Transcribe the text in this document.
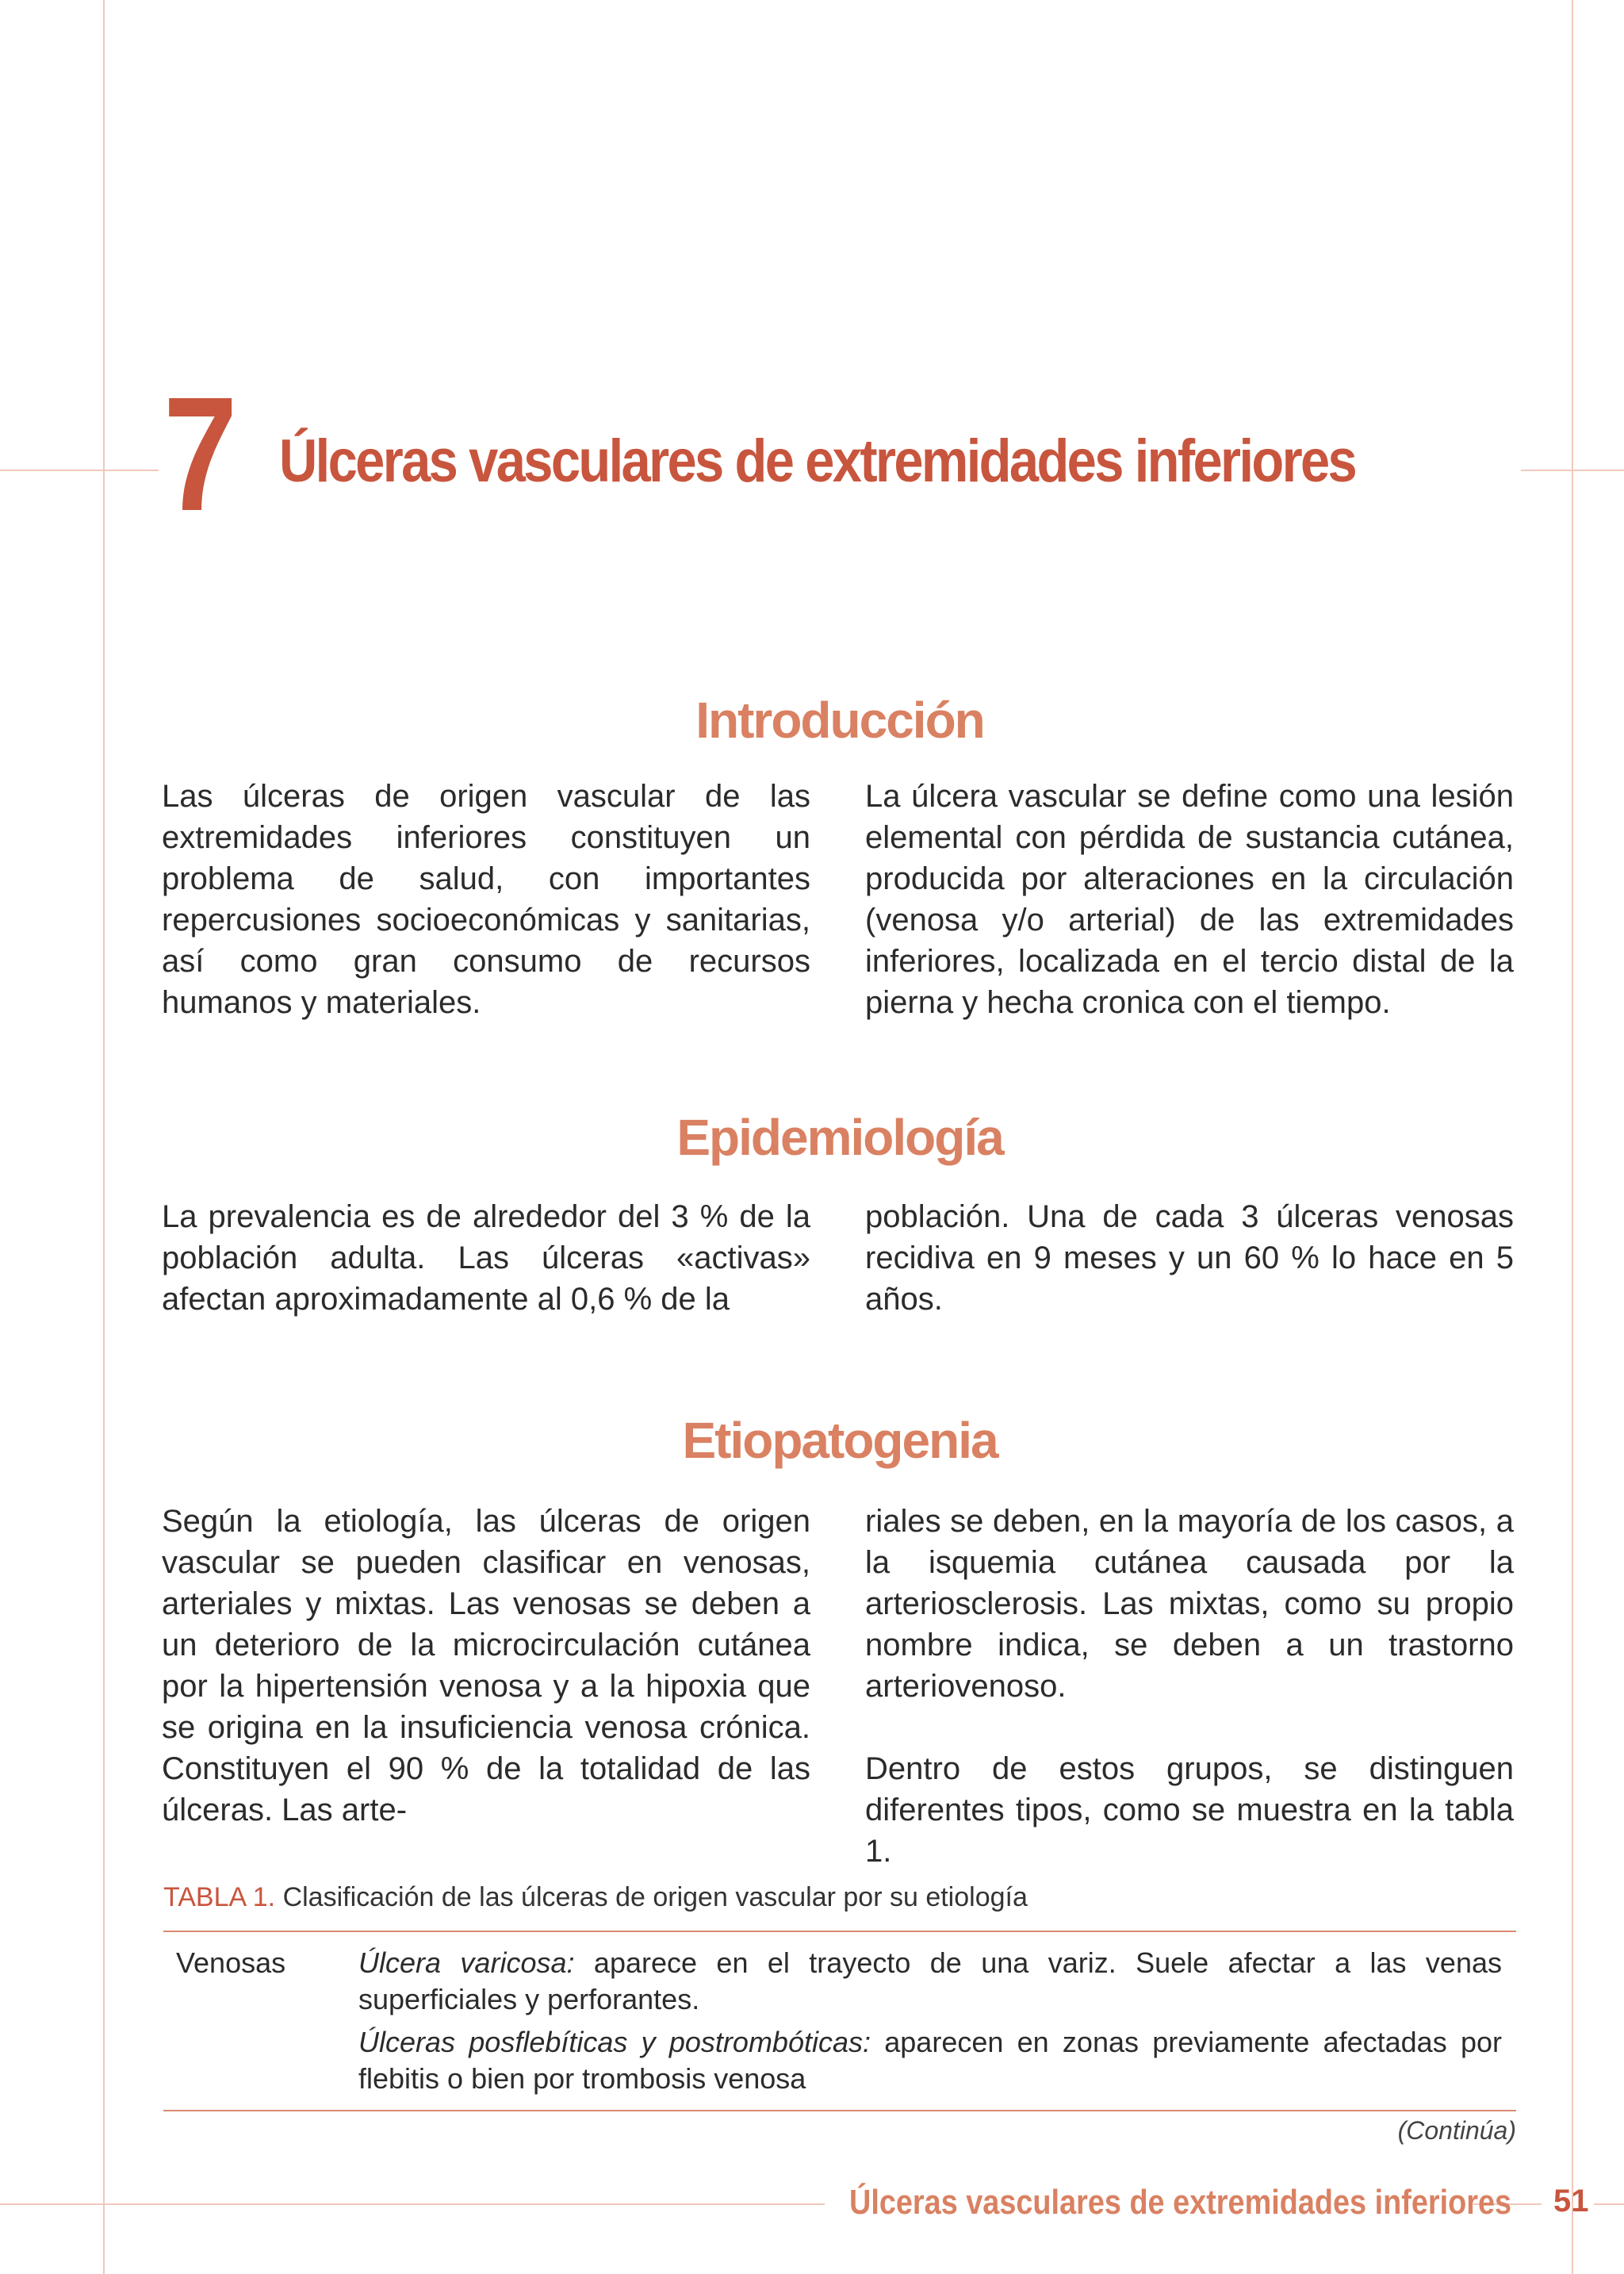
7 Úlceras vasculares de extremidades inferiores
Introducción

Las úlceras de origen vascular de las extremidades inferiores constituyen un problema de salud, con importantes repercusiones socioeconómicas y sanitarias, así como gran consumo de recursos humanos y materiales.

La úlcera vascular se define como una lesión elemental con pérdida de sustancia cutánea, producida por alteraciones en la circulación (venosa y/o arterial) de las extremidades inferiores, localizada en el tercio distal de la pierna y hecha cronica con el tiempo.

Epidemiología

La prevalencia es de alrededor del 3 % de la población adulta. Las úlceras «activas» afectan aproximadamente al 0,6 % de la

población. Una de cada 3 úlceras venosas recidiva en 9 meses y un 60 % lo hace en 5 años.

Etiopatogenia

Según la etiología, las úlceras de origen vascular se pueden clasificar en venosas, arteriales y mixtas. Las venosas se deben a un deterioro de la microcirculación cutánea por la hipertensión venosa y a la hipoxia que se origina en la insuficiencia venosa crónica. Constituyen el 90 % de la totalidad de las úlceras. Las arte-

riales se deben, en la mayoría de los casos, a la isquemia cutánea causada por la arteriosclerosis. Las mixtas, como su propio nombre indica, se deben a un trastorno arteriovenoso.

Dentro de estos grupos, se distinguen diferentes tipos, como se muestra en la tabla 1.

TABLA 1. Clasificación de las úlceras de origen vascular por su etiología
Venosas	Úlcera varicosa: aparece en el trayecto de una variz. Suele afectar a las venas superficiales y perforantes.

Úlceras posflebíticas y postrombóticas: aparecen en zonas previamente afectadas por flebitis o bien por trombosis venosa

(Continúa)
Úlceras vasculares de extremidades inferiores 51
